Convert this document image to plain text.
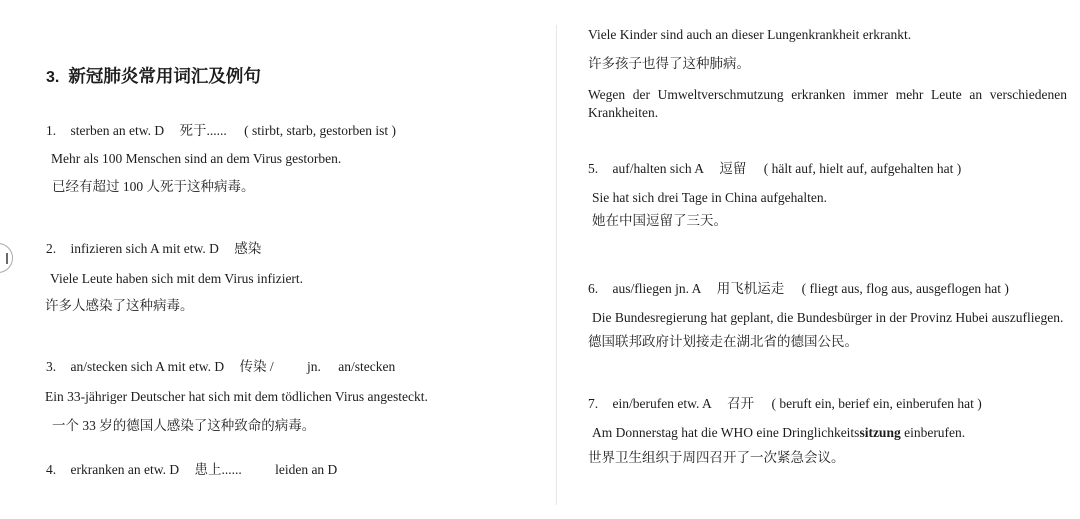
3. 新冠肺炎常用词汇及例句
1. sterben an etw. D 死于...... ( stirbt, starb, gestorben ist )
Mehr als 100 Menschen sind an dem Virus gestorben.
已经有超过 100 人死于这种病毒。
2. infizieren sich A mit etw. D 感染
Viele Leute haben sich mit dem Virus infiziert.
许多人感染了这种病毒。
3. an/stecken sich A mit etw. D 传染 / jn. an/stecken
Ein 33-jähriger Deutscher hat sich mit dem tödlichen Virus angesteckt.
一个 33 岁的德国人感染了这种致命的病毒。
4. erkranken an etw. D 患上...... leiden an D
Viele Kinder sind auch an dieser Lungenkrankheit erkrankt.
许多孩子也得了这种肺病。
Wegen der Umweltverschmutzung erkranken immer mehr Leute an verschiedenen
Krankheiten.
5. auf/halten sich A 逗留 ( hält auf, hielt auf, aufgehalten hat )
Sie hat sich drei Tage in China aufgehalten.
她在中国逗留了三天。
6. aus/fliegen jn. A 用飞机运走 ( fliegt aus, flog aus, ausgeflogen hat )
Die Bundesregierung hat geplant, die Bundesbürger in der Provinz Hubei auszufliegen.
德国联邦政府计划接走在湖北省的德国公民。
7. ein/berufen etw. A 召开 ( beruft ein, berief ein, einberufen hat )
Am Donnerstag hat die WHO eine Dringlichkeitssitzung einberufen.
世界卫生组织于周四召开了一次紧急会议。
